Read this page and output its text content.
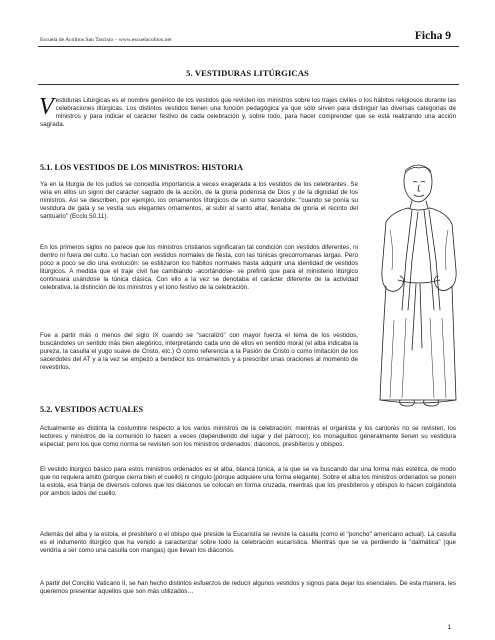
Escuela de Acólitos San Tarcisio – www.escuelacolitos.net	Ficha 9
5. VESTIDURAS LITÚRGICAS
Vestiduras Litúrgicas es el nombre genérico de los vestidos que revisten los ministros sobre los trajes civiles o los hábitos religiosos durante las celebraciones litúrgicas. Los distintos vestidos tienen una función pedagógica ya que sólo sirven para distinguir las diversas categorías de ministros y para indicar el carácter festivo de cada celebración y, sobre todo, para hacer comprender que se está realizando una acción sagrada.
5.1. LOS VESTIDOS DE LOS MINISTROS: HISTORIA
Ya en la liturgia de los judíos se concedía importancia a veces exagerada a los vestidos de los celebrantes. Se veía en ellos un signo del carácter sagrado de la acción, de la gloria poderosa de Dios y de la dignidad de los ministros. Así se describen, por ejemplo, los ornamentos litúrgicos de un sumo sacerdote: "cuando se ponía su vestidura de gala y se vestía sus elegantes ornamentos, al subir al santo altar, llenaba de gloria el recinto del santuario" (Ecclo 50,11).
En los primeros siglos no parece que los ministros cristianos significaran tal condición con vestidos diferentes, ni dentro ni fuera del culto. Lo hacían con vestidos normales de fiesta, con las túnicas grecorromanas largas. Pero poco a poco se dio una evolución: se estilizaron los hábitos normales hasta adquirir una identidad de vestidos litúrgicos. A medida que el traje civil fue cambiando -acortándose- se prefirió que para el ministerio litúrgico continuara usándose la túnica clásica. Con ello a la vez se denotaba el carácter diferente de la actividad celebrativa, la distinción de los ministros y el tono festivo de la celebración.
Fue a partir más o menos del siglo IX cuando se "sacralizó" con mayor fuerza el tema de los vestidos, buscándoles un sentido más bien alegórico, interpretando cada uno de ellos en sentido moral (el alba indicaba la pureza, la casulla el yugo suave de Cristo, etc.) O como referencia a la Pasión de Cristo o como imitación de los sacerdotes del AT y a la vez se empezó a bendecir los ornamentos y a prescribir unas oraciones al momento de revestirlos.
5.2. VESTIDOS ACTUALES
Actualmente es distinta la costumbre respecto a los varios ministros de la celebración: mientras el organista y los cantores no se revisten, los lectores y ministros de la comunión lo hacen a veces (dependiendo del lugar y del párroco); los monaguillos generalmente tienen su vestidura especial; pero los que como norma se revisten son los ministros ordenados: diáconos, presbíteros y obispos.
El vestido litúrgico básico para estos ministros ordenados es el alba, blanca túnica, a la que se va buscando dar una forma más estética, de modo que no requiera amito (porque cierra bien el cuello) ni cíngulo (porque adquiere una forma elegante). Sobre el alba los ministros ordenados se ponen la estola, esa franja de diversos colores que los diáconos se colocan en forma cruzada, mientras que los presbíteros y obispos lo hacen colgándola por ambos lados del cuello.
Además del alba y la estola, el presbítero o el obispo que preside la Eucaristía se reviste la casulla (como el "poncho" americano actual). La casulla es el indumento litúrgico que ha venido a caracterizar sobre todo la celebración eucarística. Mientras que se va perdiendo la "dalmática" (que vendría a ser como una casulla con mangas) que llevan los diáconos.
A partir del Concilio Vaticano II, se han hecho distintos esfuerzos de reducir algunos vestidos y signos para dejar los esenciales. De esta manera, les queremos presentar aquellos que son más utilizados…
1
